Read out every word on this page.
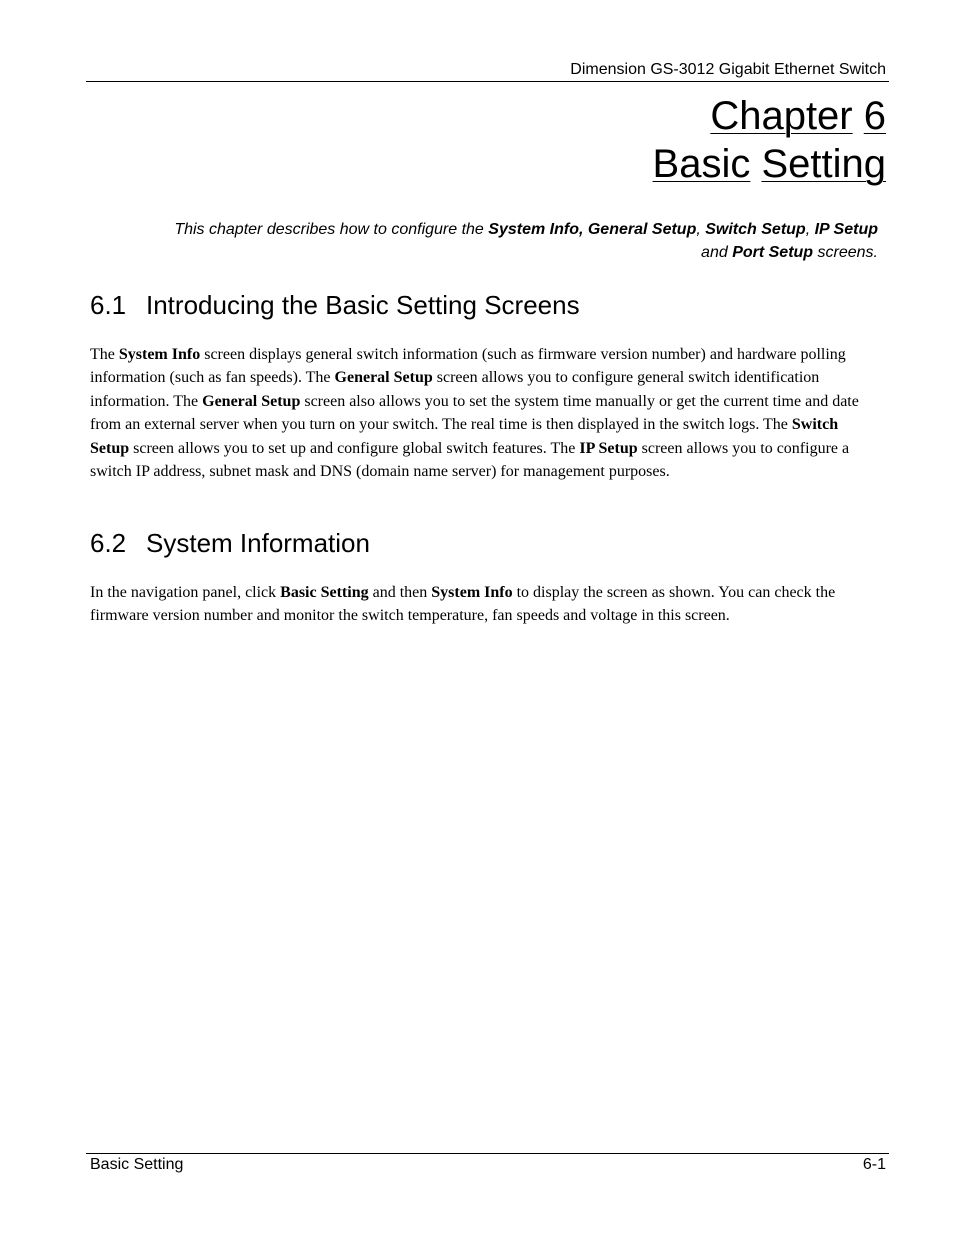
Dimension GS-3012 Gigabit Ethernet Switch
Chapter 6
Basic Setting
This chapter describes how to configure the System Info, General Setup, Switch Setup, IP Setup
and Port Setup screens.
6.1 Introducing the Basic Setting Screens
The System Info screen displays general switch information (such as firmware version number) and hardware polling information (such as fan speeds). The General Setup screen allows you to configure general switch identification information. The General Setup screen also allows you to set the system time manually or get the current time and date from an external server when you turn on your switch. The real time is then displayed in the switch logs. The Switch Setup screen allows you to set up and configure global switch features. The IP Setup screen allows you to configure a switch IP address, subnet mask and DNS (domain name server) for management purposes.
6.2 System Information
In the navigation panel, click Basic Setting and then System Info to display the screen as shown. You can check the firmware version number and monitor the switch temperature, fan speeds and voltage in this screen.
Basic Setting	6-1
